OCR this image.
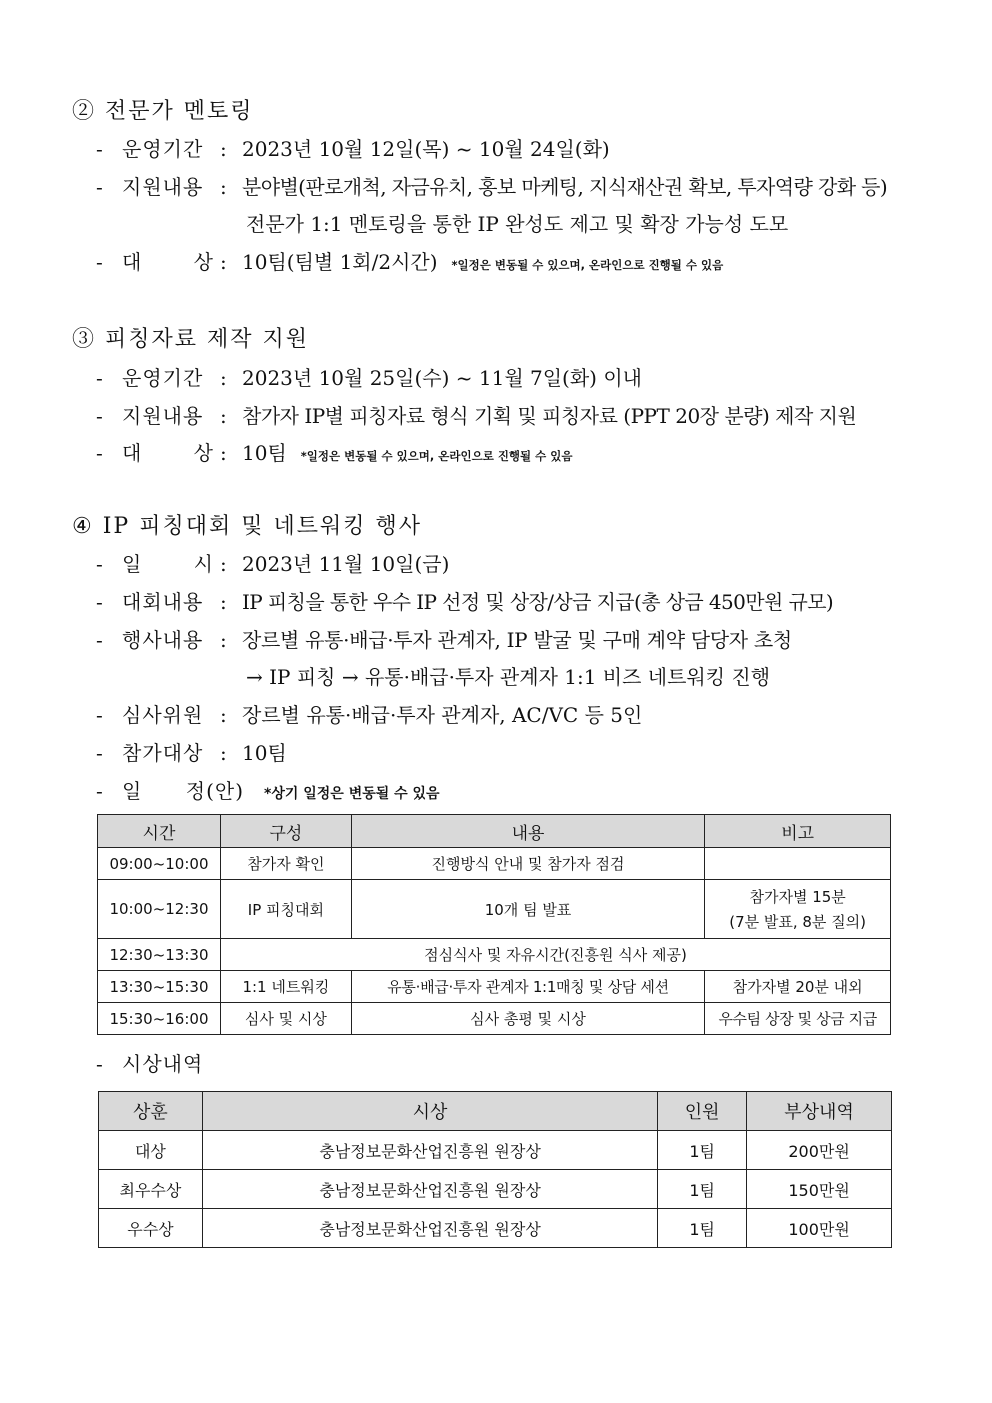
② 전문가 멘토링
- 운영기간 : 2023년 10월 12일(목) ~ 10월 24일(화)
- 지원내용 : 분야별(판로개척, 자금유치, 홍보 마케팅, 지식재산권 확보, 투자역량 강화 등)
전문가 1:1 멘토링을 통한 IP 완성도 제고 및 확장 가능성 도모
- 대	상 : 10팀(팀별 1회/2시간) *일정은 변동될 수 있으며, 온라인으로 진행될 수 있음
③ 피칭자료 제작 지원
- 운영기간 : 2023년 10월 25일(수) ~ 11월 7일(화) 이내
- 지원내용 : 참가자 IP별 피칭자료 형식 기획 및 피칭자료 (PPT 20장 분량) 제작 지원
- 대	상 : 10팀 *일정은 변동될 수 있으며, 온라인으로 진행될 수 있음
④ IP 피칭대회 및 네트워킹 행사
- 일	시 : 2023년 11월 10일(금)
- 대회내용 : IP 피칭을 통한 우수 IP 선정 및 상장/상금 지급(총 상금 450만원 규모)
- 행사내용 : 장르별 유통·배급·투자 관계자, IP 발굴 및 구매 계약 담당자 초청
→ IP 피칭 → 유통·배급·투자 관계자 1:1 비즈 네트워킹 진행
- 심사위원 : 장르별 유통·배급·투자 관계자, AC/VC 등 5인
- 참가대상 : 10팀
- 일 정(안) *상기 일정은 변동될 수 있음
시간	구성	내용	비고
09:00~10:00	참가자 확인	진행방식 안내 및 참가자 점검	
10:00~12:30	IP 피칭대회	10개 팀 발표	참가자별 15분
(7분 발표, 8분 질의)

12:30~13:30	점심식사 및 자유시간(진흥원 식사 제공)		
13:30~15:30	1:1 네트워킹	유통·배급·투자 관계자 1:1매칭 및 상담 세션	참가자별 20분 내외
15:30~16:00	심사 및 시상	심사 총평 및 시상	우수팀 상장 및 상금 지급
- 시상내역
상훈	시상	인원	부상내역
대상	충남정보문화산업진흥원 원장상	1팀	200만원
최우수상	충남정보문화산업진흥원 원장상	1팀	150만원
우수상	충남정보문화산업진흥원 원장상	1팀	100만원
